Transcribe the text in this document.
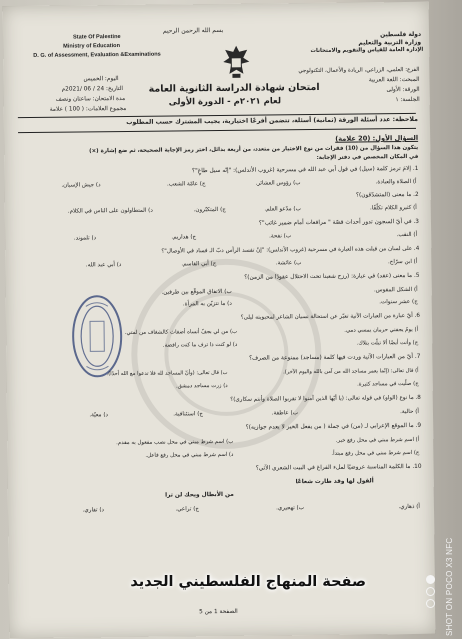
State Of Palestine
Ministry of Education
D. G. of Assessment, Evaluation &Examinations
بسم الله الرحمن الرحيم
دولة فلسطين
وزارة التربية والتعليم
الإدارة العامة للقياس والتقويم والامتحانات
امتحان شهادة الدراسة الثانوية العامة
لعام ٢٠٢١م - الدورة الأولى
الفرع: العلمي، الزراعي، الريادة والأعمال، التكنولوجي
المبحث: اللغة العربية
الورقة: الأولى
الجلسة: ١
اليوم: الخميس
التاريخ: 24 / 06 /2021م
مدة الامتحان: ساعتان ونصف
مجموع العلامات: ( 100 ) علامة
ملاحظة: عدد أسئلة الورقة (ثمانية) أسئلة، تتضمن أفرعًا اختيارية، يجيب المشترك حسب المطلوب
السؤال الأول: (20 علامة)
يتكون هذا السؤال من (10) فقرات من نوع الاختيار من متعدد، من أربعة بدائل، اختر رمز الإجابة الصحيحة، ثم ضع إشارة (×)
في المكان المخصص في دفتر الإجابة:
1. إلامَ ترمز كلمة (سيل) في قول أبي عبد الله في مسرحية (غروب الأندلس): "إنّه سيل طاغٍ"؟
أ) الصلاة والعبادة.
ب) رؤوس العشائر.
ج) عامّة الشعب.
د) جيش الإسبان.
2. ما معنى (المتشدّقون)؟
أ) كثيرو الكلام تكلّفًا.
ب) مدّعو العلم.
ج) المتكبّرون.
د) المتطاولون على الناس في الكلام.
3. في أيّ السجون تدور أحداث قصّة " مرافعات أمام ضمير غائب"؟
أ) النقب.
ب) نفحة.
ج) هداريم.
د) تلموند.
4. على لسان من قيلت هذه العبارة في مسرحية (غروب الأندلس): "إنّ تفسد الرأس دبّ الـ فساد في الأوصال"؟
أ) ابن سرّاج.
ب) عائشة.
ج) أبي القاسم.
د) أبي عبد الله.
5. ما معنى (عقد) في عبارة: (رزح شعبنا تحت الاحتلال عقودًا من الزمن)؟
أ) الشكل المقوس.
ب) الاتفاق الموقّع بين طرفين.
ج) عشر سنوات.
د) ما تتزيّن به المرأة.
6. أيّ عبارة من العبارات الآتية تعبّر عن استحالة نسيان الشاعر لمحبوبته ليلى؟
أ) يومٌ يجفني حرمان يمسي دمي.
ب) من لي بجفّ أنساه أضغاث كالشغاف من لمتي.
ج) وأنت أيضًا ألا تبلّت بتلاك.
د) لو كنت ذا ترف ما كنت رافضة.
7. أيّ من العبارات الآتية وردت فيها كلمة (مساجد) ممنوعة من الصرف؟
أ) قال تعالى: (إنّما يعمر مساجد الله من آمن بالله واليوم الآخر).
ب) قال تعالى: (وأنّ المساجد لله فلا تدعوا مع الله أحدًا).
ج) صلّيت في مساجد كثيرة.
د) زرت مساجد دمشق.
8. ما نوع (الواو) في قوله تعالى: (يا أيّها الذين آمنوا لا تقربوا الصلاة وأنتم سكارى)؟
أ) حالية.
ب) عاطفة.
ج) استئنافية.
د) معيّة.
9. ما الموقع الإعرابي لـ (من) في جملة ( من يفعل الخير لا يعدم جوازيه)؟
أ) اسم شرط مبني في محل رفع خبر.
ب) اسم شرط مبني في محل نصب مفعول به مقدم.
ج) اسم شرط مبني في محل رفع مبتدأ.
د) اسم شرط مبني في محل رفع فاعل.
10. ما الكلمة المناسبة عروضيًا لملء الفراغ في البيت الشعري الآتي؟
ألقول لها وقد طارت شعاعًا
من الأبطال ويحك لن ترا
أ) ذهاري.
ب) تهجيري.
ج) تراعي.
د) تفاري.
الصفحة 1 من 5
صفحة المنهاج الفلسطيني الجديد	SHOT ON POCO X3 NFC
